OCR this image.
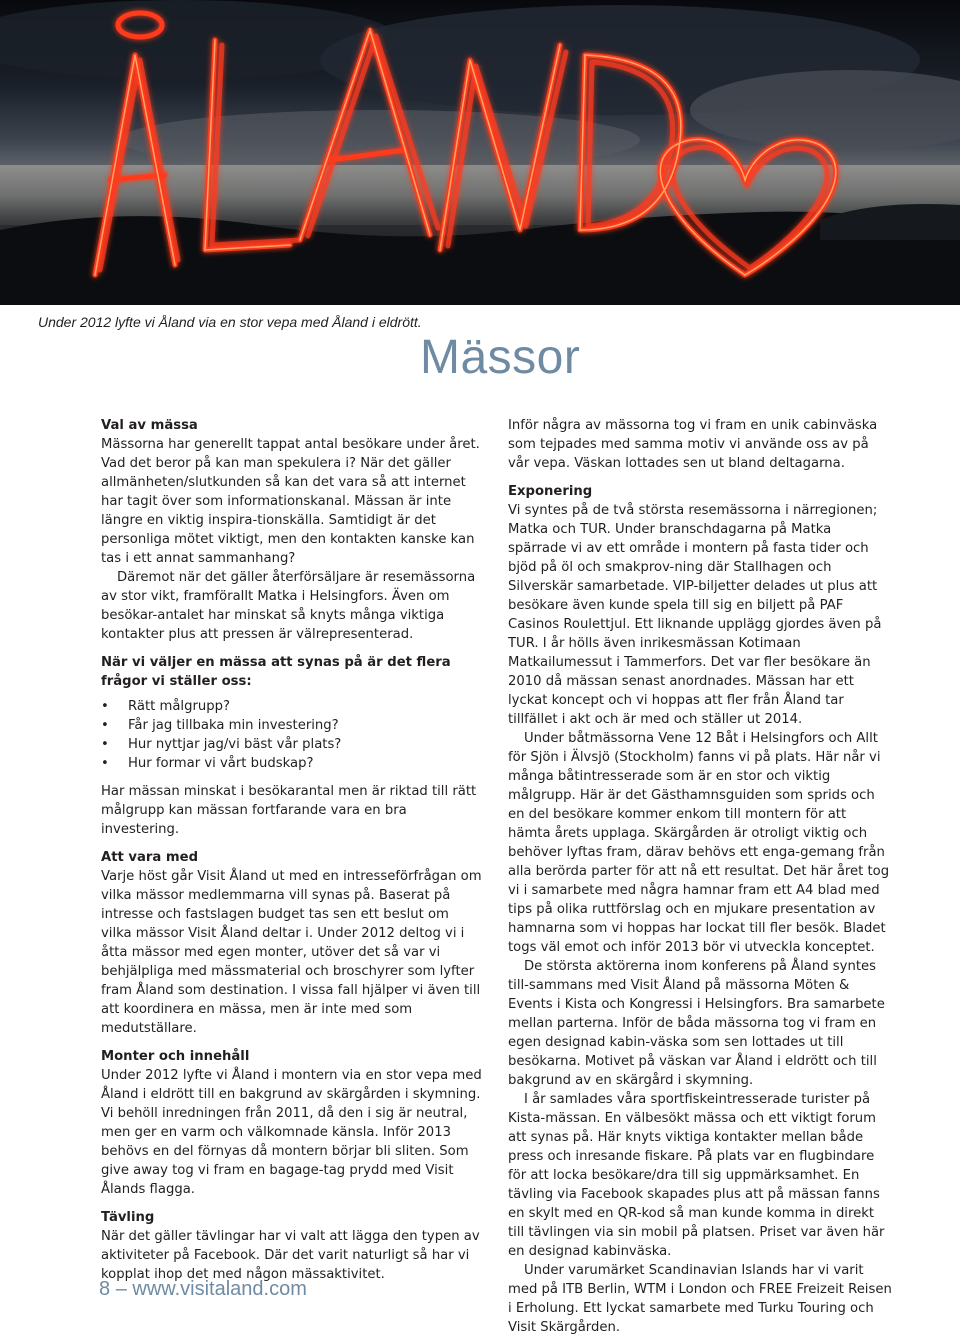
Under 2012 lyfte vi Åland via en stor vepa med Åland i eldrött.
Mässor
Val av mässa

Mässorna har generellt tappat antal besökare under året. Vad det beror på kan man spekulera i? När det gäller allmänheten/slutkunden så kan det vara så att internet har tagit över som informationskanal. Mässan är inte längre en viktig inspira-tionskälla. Samtidigt är det personliga mötet viktigt, men den kontakten kanske kan tas i ett annat sammanhang?

Däremot när det gäller återförsäljare är resemässorna av stor vikt, framförallt Matka i Helsingfors. Även om besökar-antalet har minskat så knyts många viktiga kontakter plus att pressen är välrepresenterad.

När vi väljer en mässa att synas på är det flera frågor vi ställer oss:
• Rätt målgrupp?
• Får jag tillbaka min investering?
• Hur nyttjar jag/vi bäst vår plats?
• Hur formar vi vårt budskap?

Har mässan minskat i besökarantal men är riktad till rätt målgrupp kan mässan fortfarande vara en bra investering.

Att vara med

Varje höst går Visit Åland ut med en intresseförfrågan om vilka mässor medlemmarna vill synas på. Baserat på intresse och fastslagen budget tas sen ett beslut om vilka mässor Visit Åland deltar i. Under 2012 deltog vi i åtta mässor med egen monter, utöver det så var vi behjälpliga med mässmaterial och broschyrer som lyfter fram Åland som destination. I vissa fall hjälper vi även till att koordinera en mässa, men är inte med som medutställare.

Monter och innehåll

Under 2012 lyfte vi Åland i montern via en stor vepa med Åland i eldrött till en bakgrund av skärgården i skymning. Vi behöll inredningen från 2011, då den i sig är neutral, men ger en varm och välkomnade känsla. Inför 2013 behövs en del förnyas då montern börjar bli sliten. Som give away tog vi fram en bagage-tag prydd med Visit Ålands flagga.

Tävling

När det gäller tävlingar har vi valt att lägga den typen av aktiviteter på Facebook. Där det varit naturligt så har vi kopplat ihop det med någon mässaktivitet.

Inför några av mässorna tog vi fram en unik cabinväska som tejpades med samma motiv vi använde oss av på vår vepa. Väskan lottades sen ut bland deltagarna.

Exponering

Vi syntes på de två största resemässorna i närregionen; Matka och TUR. Under branschdagarna på Matka spärrade vi av ett område i montern på fasta tider och bjöd på öl och smakprov-ning där Stallhagen och Silverskär samarbetade. VIP-biljetter delades ut plus att besökare även kunde spela till sig en biljett på PAF Casinos Roulettjul. Ett liknande upplägg gjordes även på TUR. I år hölls även inrikesmässan Kotimaan Matkailumessut i Tammerfors. Det var fler besökare än 2010 då mässan senast anordnades. Mässan har ett lyckat koncept och vi hoppas att fler från Åland tar tillfället i akt och är med och ställer ut 2014.

Under båtmässorna Vene 12 Båt i Helsingfors och Allt för Sjön i Älvsjö (Stockholm) fanns vi på plats. Här når vi många båtintresserade som är en stor och viktig målgrupp. Här är det Gästhamnsguiden som sprids och en del besökare kommer enkom till montern för att hämta årets upplaga. Skärgården är otroligt viktig och behöver lyftas fram, därav behövs ett enga-gemang från alla berörda parter för att nå ett resultat. Det här året tog vi i samarbete med några hamnar fram ett A4 blad med tips på olika ruttförslag och en mjukare presentation av hamnarna som vi hoppas har lockat till fler besök. Bladet togs väl emot och inför 2013 bör vi utveckla konceptet.

De största aktörerna inom konferens på Åland syntes till-sammans med Visit Åland på mässorna Möten & Events i Kista och Kongressi i Helsingfors. Bra samarbete mellan parterna. Inför de båda mässorna tog vi fram en egen designad kabin-väska som sen lottades ut till besökarna. Motivet på väskan var Åland i eldrött och till bakgrund av en skärgård i skymning.

I år samlades våra sportfiskeintresserade turister på Kista-mässan. En välbesökt mässa och ett viktigt forum att synas på. Här knyts viktiga kontakter mellan både press och inresande fiskare. På plats var en flugbindare för att locka besökare/dra till sig uppmärksamhet. En tävling via Facebook skapades plus att på mässan fanns en skylt med en QR-kod så man kunde komma in direkt till tävlingen via sin mobil på platsen. Priset var även här en designad kabinväska.

Under varumärket Scandinavian Islands har vi varit med på ITB Berlin, WTM i London och FREE Freizeit Reisen i Erholung. Ett lyckat samarbete med Turku Touring och Visit Skärgården.

8 – www.visitaland.com
